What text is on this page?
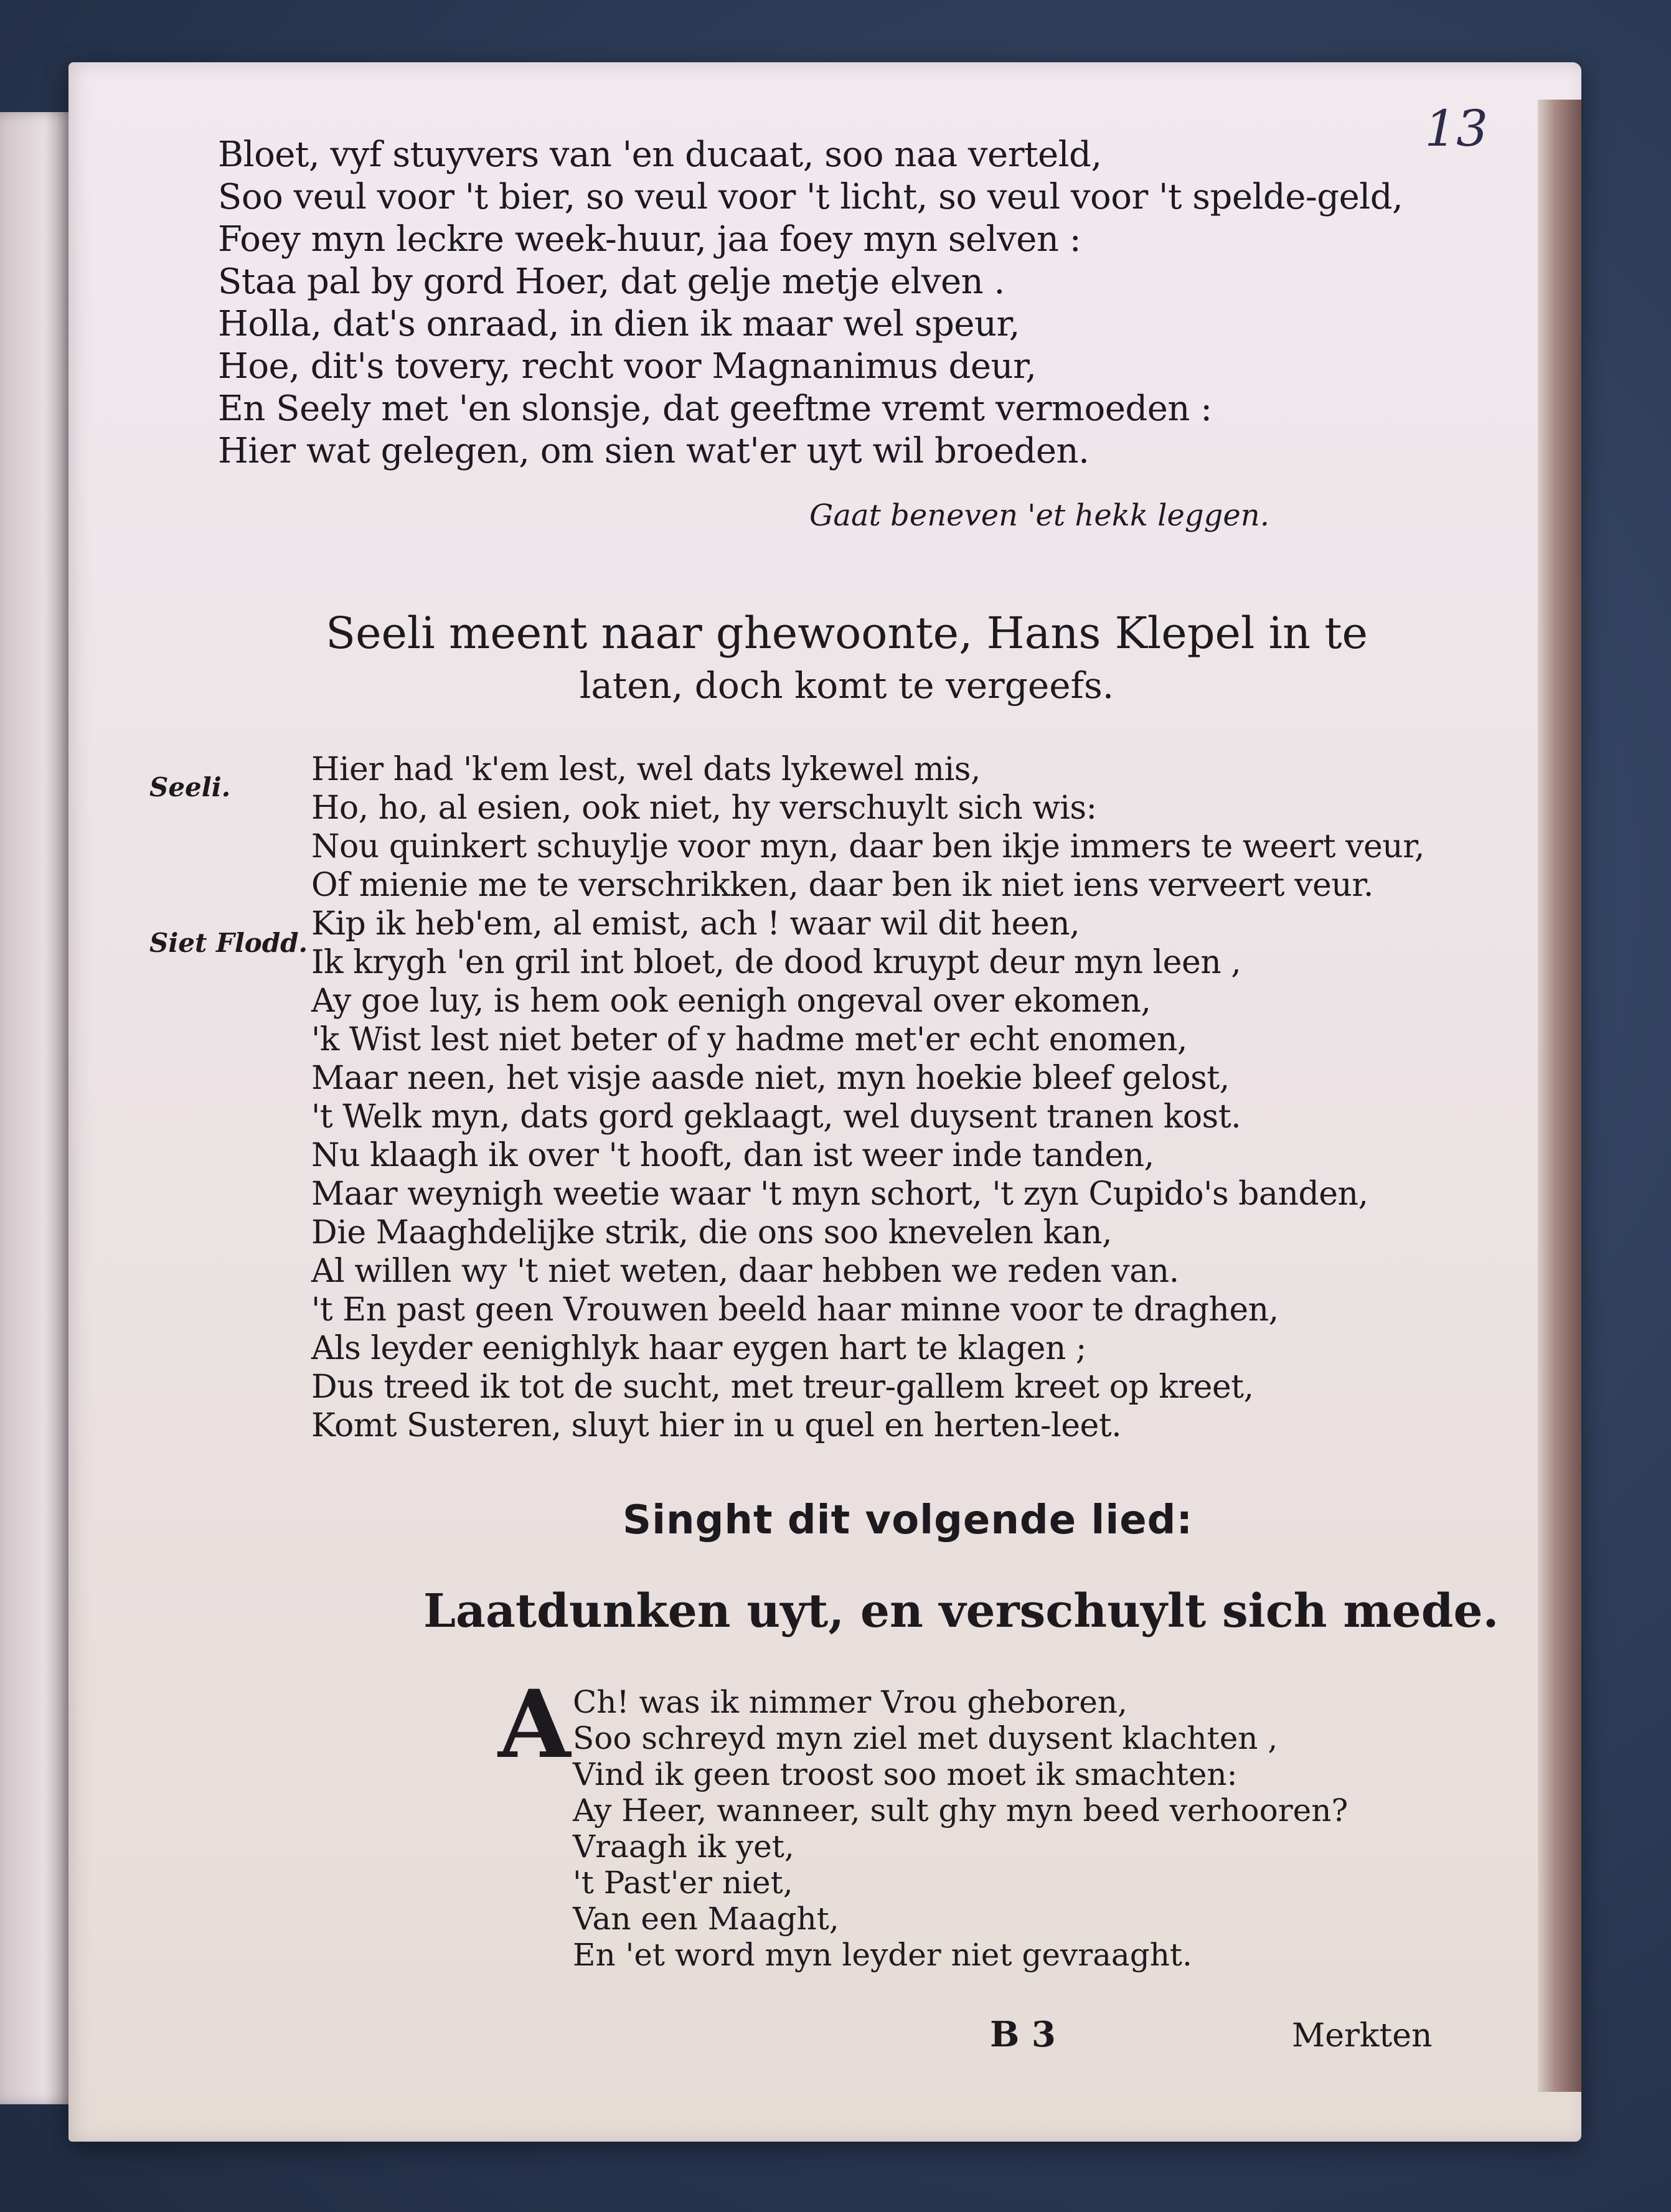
13
Bloet, vyf stuyvers van 'en ducaat, soo naa verteld,
Soo veul voor 't bier, so veul voor 't licht, so veul voor 't spelde-geld,
Foey myn leckre week-huur, jaa foey myn selven :
Staa pal by gord Hoer, dat gelje metje elven .
Holla, dat's onraad, in dien ik maar wel speur,
Hoe, dit's tovery, recht voor Magnanimus deur,
En Seely met 'en slonsje, dat geeftme vremt vermoeden :
Hier wat gelegen, om sien wat'er uyt wil broeden.
Gaat beneven 'et hekk leggen.
Seeli meent naar ghewoonte, Hans Klepel in te
laten, doch komt te vergeefs.
Seeli.
Siet Flodd.
Hier had 'k'em lest, wel dats lykewel mis,
Ho, ho, al esien, ook niet, hy verschuylt sich wis:
Nou quinkert schuylje voor myn, daar ben ikje immers te weert veur,
Of mienie me te verschrikken, daar ben ik niet iens verveert veur.
Kip ik heb'em, al emist, ach ! waar wil dit heen,
Ik krygh 'en gril int bloet, de dood kruypt deur myn leen ,
Ay goe luy, is hem ook eenigh ongeval over ekomen,
'k Wist lest niet beter of y hadme met'er echt enomen,
Maar neen, het visje aasde niet, myn hoekie bleef gelost,
't Welk myn, dats gord geklaagt, wel duysent tranen kost.
Nu klaagh ik over 't hooft, dan ist weer inde tanden,
Maar weynigh weetie waar 't myn schort, 't zyn Cupido's banden,
Die Maaghdelijke strik, die ons soo knevelen kan,
Al willen wy 't niet weten, daar hebben we reden van.
't En past geen Vrouwen beeld haar minne voor te draghen,
Als leyder eenighlyk haar eygen hart te klagen ;
Dus treed ik tot de sucht, met treur-gallem kreet op kreet,
Komt Susteren, sluyt hier in u quel en herten-leet.
Singht dit volgende lied:
Laatdunken uyt, en verschuylt sich mede.
A Ch! was ik nimmer Vrou gheboren,
Soo schreyd myn ziel met duysent klachten ,
Vind ik geen troost soo moet ik smachten:
Ay Heer, wanneer, sult ghy myn beed verhooren?
Vraagh ik yet,
't Past'er niet,
Van een Maaght,
En 'et word myn leyder niet gevraaght.
B 3	Merkten
